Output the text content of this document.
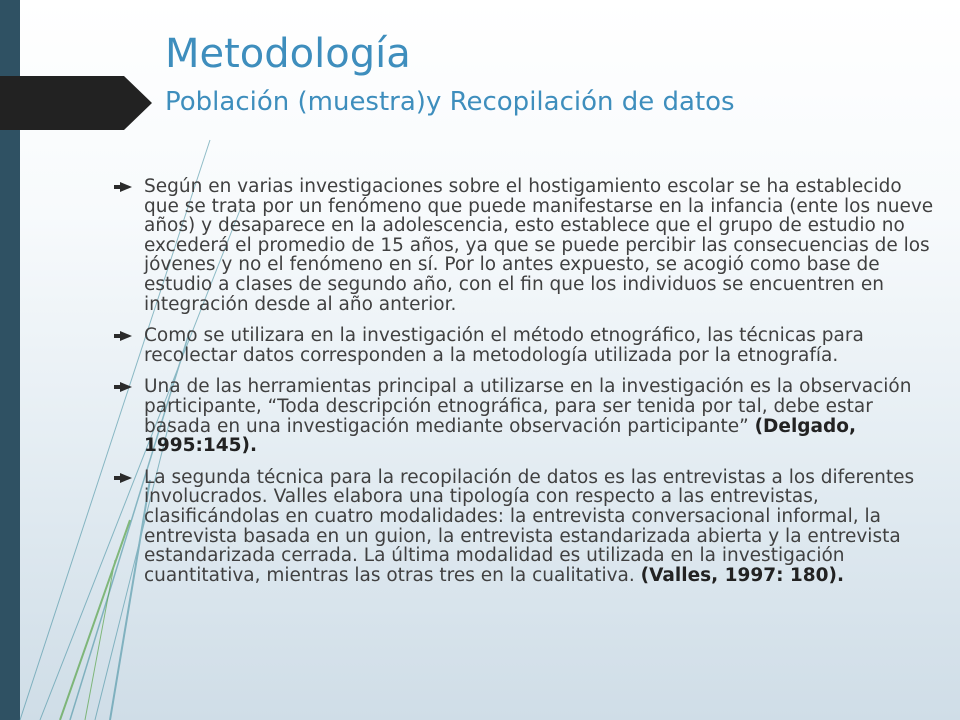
Metodología
Población (muestra)y Recopilación de datos
Según en varias investigaciones sobre el hostigamiento escolar se ha establecido que se trata por un fenómeno que puede manifestarse en la infancia (ente los nueve años) y desaparece en la adolescencia, esto establece que el grupo de estudio no excederá el promedio de 15 años, ya que se puede percibir las consecuencias de los jóvenes y no el fenómeno en sí. Por lo antes expuesto, se acogió como base de estudio a clases de segundo año, con el fin que los individuos se encuentren en integración desde al año anterior.
Como se utilizara en la investigación el método etnográfico, las técnicas para recolectar datos corresponden a la metodología utilizada por la etnografía.
Una de las herramientas principal a utilizarse en la investigación es la observación participante, “Toda descripción etnográfica, para ser tenida por tal, debe estar basada en una investigación mediante observación participante” (Delgado, 1995:145).
La segunda técnica para la recopilación de datos es las entrevistas a los diferentes involucrados. Valles elabora una tipología con respecto a las entrevistas, clasificándolas en cuatro modalidades: la entrevista conversacional informal, la entrevista basada en un guion, la entrevista estandarizada abierta y la entrevista estandarizada cerrada. La última modalidad es utilizada en la investigación cuantitativa, mientras las otras tres en la cualitativa. (Valles, 1997: 180).
